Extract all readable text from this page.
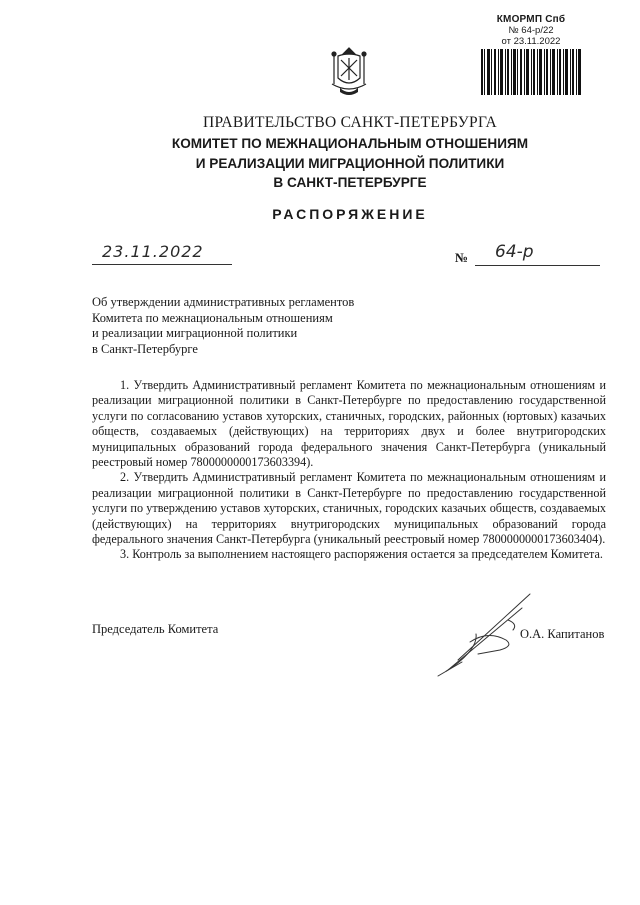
КМОРМП Спб
№ 64-р/22
от 23.11.2022
ПРАВИТЕЛЬСТВО САНКТ-ПЕТЕРБУРГА
КОМИТЕТ ПО МЕЖНАЦИОНАЛЬНЫМ ОТНОШЕНИЯМ
И РЕАЛИЗАЦИИ МИГРАЦИОННОЙ ПОЛИТИКИ
В САНКТ-ПЕТЕРБУРГЕ
РАСПОРЯЖЕНИЕ
23.11.2022	№ 64-р
Об утверждении административных регламентов
Комитета по межнациональным отношениям
и реализации миграционной политики
в Санкт-Петербурге

1. Утвердить Административный регламент Комитета по межнациональным отношениям и реализации миграционной политики в Санкт-Петербурге по предоставлению государственной услуги по согласованию уставов хуторских, станичных, городских, районных (юртовых) казачьих обществ, создаваемых (действующих) на территориях двух и более внутригородских муниципальных образований города федерального значения Санкт-Петербурга (уникальный реестровый номер 7800000000173603394).

2. Утвердить Административный регламент Комитета по межнациональным отношениям и реализации миграционной политики в Санкт-Петербурге по предоставлению государственной услуги по утверждению уставов хуторских, станичных, городских казачьих обществ, создаваемых (действующих) на территориях внутригородских муниципальных образований города федерального значения Санкт-Петербурга (уникальный реестровый номер 7800000000173603404).

3. Контроль за выполнением настоящего распоряжения остается за председателем Комитета.

Председатель Комитета	О.А. Капитанов
